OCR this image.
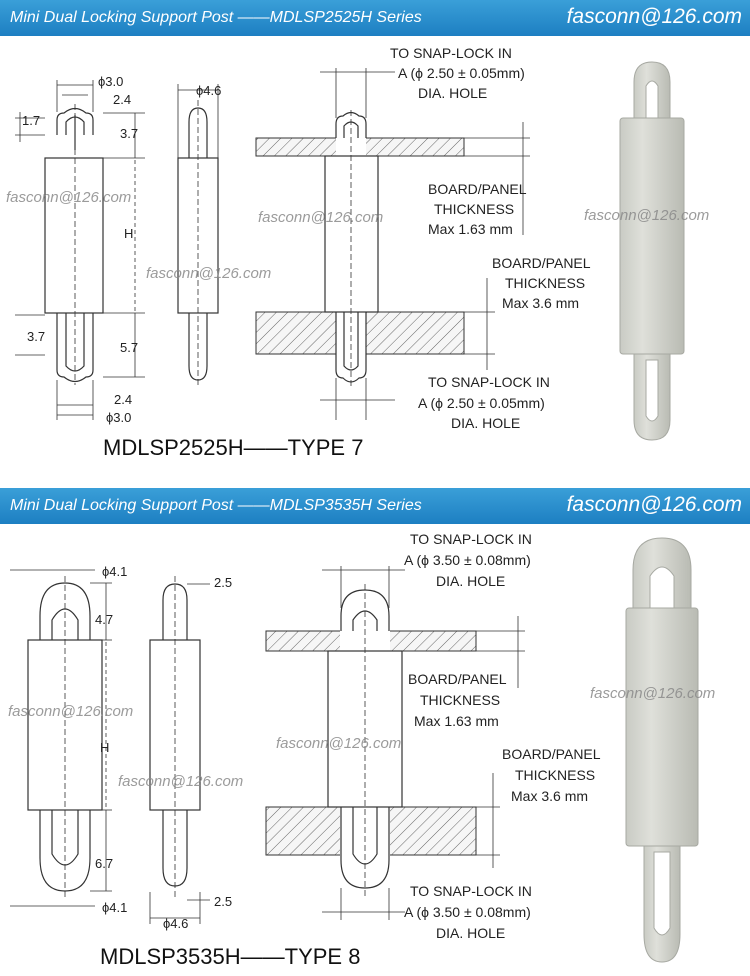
Mini Dual Locking Support Post ——MDLSP2525H Series	fasconn@126.com
ϕ3.0
2.4
1.7
3.7
H
3.7
5.7
2.4
ϕ3.0
ϕ4.6
TO SNAP-LOCK IN
A (ϕ 2.50 ± 0.05mm)
DIA. HOLE
BOARD/PANEL
THICKNESS
Max 1.63 mm
BOARD/PANEL
THICKNESS
Max 3.6 mm
TO SNAP-LOCK IN
A (ϕ 2.50 ± 0.05mm)
DIA. HOLE
MDLSP2525H——TYPE 7
fasconn@126.com
fasconn@126.com
fasconn@126.com
fasconn@126.com
Mini Dual Locking Support Post ——MDLSP3535H Series	fasconn@126.com
ϕ4.1
4.7
H
6.7
ϕ4.1
2.5
2.5
ϕ4.6
TO SNAP-LOCK IN
A (ϕ 3.50 ± 0.08mm)
DIA. HOLE
BOARD/PANEL
THICKNESS
Max 1.63 mm
BOARD/PANEL
THICKNESS
Max 3.6 mm
TO SNAP-LOCK IN
A (ϕ 3.50 ± 0.08mm)
DIA. HOLE
MDLSP3535H——TYPE 8
fasconn@126.com
fasconn@126.com
fasconn@126.com
fasconn@126.com
